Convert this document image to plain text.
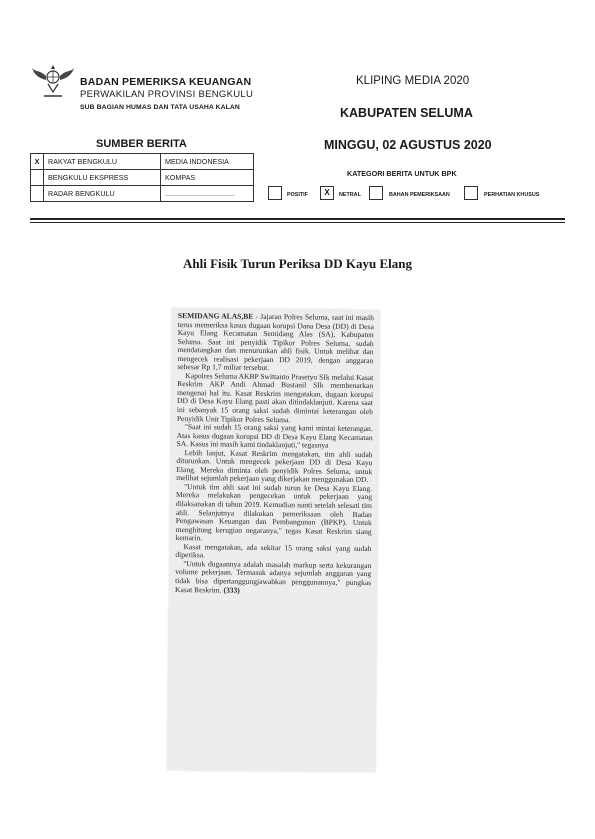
BADAN PEMERIKSA KEUANGAN
PERWAKILAN PROVINSI BENGKULU
SUB BAGIAN HUMAS DAN TATA USAHA KALAN
KLIPING MEDIA 2020
KABUPATEN SELUMA
MINGGU, 02 AGUSTUS 2020
SUMBER BERITA
X	RAKYAT BENGKULU	MEDIA INDONESIA
	BENGKULU EKSPRESS	KOMPAS
	RADAR BENGKULU	...................................
KATEGORI BERITA UNTUK BPK
POSITIF	X	NETRAL	BAHAN PEMERIKSAAN	PERHATIAN KHUSUS
Ahli Fisik Turun Periksa DD Kayu Elang

SEMIDANG ALAS,BE - Jajaran Polres Seluma, saat ini masih terus memeriksa kasus dugaan korupsi Dana Desa (DD) di Desa Kayu Elang Kecamatan Semidang Alas (SA), Kabupaten Seluma. Saat ini penyidik Tipikor Polres Seluma, sudah mendatangkan dan menurunkan ahli fisik. Untuk melihat dan mengecek realisasi pekerjaan DD 2019, dengan anggaran sebesar Rp 1,7 miliar tersebut.

Kapolres Seluma AKBP Swittanto Prasetyo SIk melalui Kasat Reskrim AKP Andi Ahmad Bustanil SIk membenarkan mengenai hal itu. Kasat Reskrim mengatakan, dugaan korupsi DD di Desa Kayu Elang pasti akan ditindaklanjuti. Karena saat ini sebanyak 15 orang saksi sudah dimintai keterangan oleh Penyidik Unit Tipikor Polres Seluma.

"Saat ini sudah 15 orang saksi yang kami mintai keterangan. Atas kasus dugaan korupsi DD di Desa Kayu Elang Kecamatan SA. Kasus ini masih kami tindaklanjuti," tegasnya

Lebih lanjut, Kasat Reskrim mengatakan, tim ahli sudah diturunkan. Untuk mengecek pekerjaan DD di Desa Kayu Elang. Mereka diminta oleh penyidik Polres Seluma, untuk melihat sejumlah pekerjaan yang dikerjakan menggunakan DD.

"Untuk tim ahli saat ini sudah turun ke Desa Kayu Elang. Mereka melakukan pengecekan untuk pekerjaan yang dilaksanakan di tahun 2019. Kemudian nanti setelah selesati tim ahli. Selanjutnya dilakukan pemeriksaan oleh Badan Pengawasan Keuangan dan Pembangunan (BPKP). Untuk menghitung kerugian negaranya," tegas Kasat Reskrim siang kemarin.

Kasat mengatakan, ada sekitar 15 orang saksi yang sudah diperiksa.

"Untuk dugaannya adalah masalah markup serta kekurangan volume pekerjaan. Termasuk adanya sejumlah anggaran yang tidak bisa dipertanggungjawabkan penggunannya," pungkas Kasat Reskrim. (333)
